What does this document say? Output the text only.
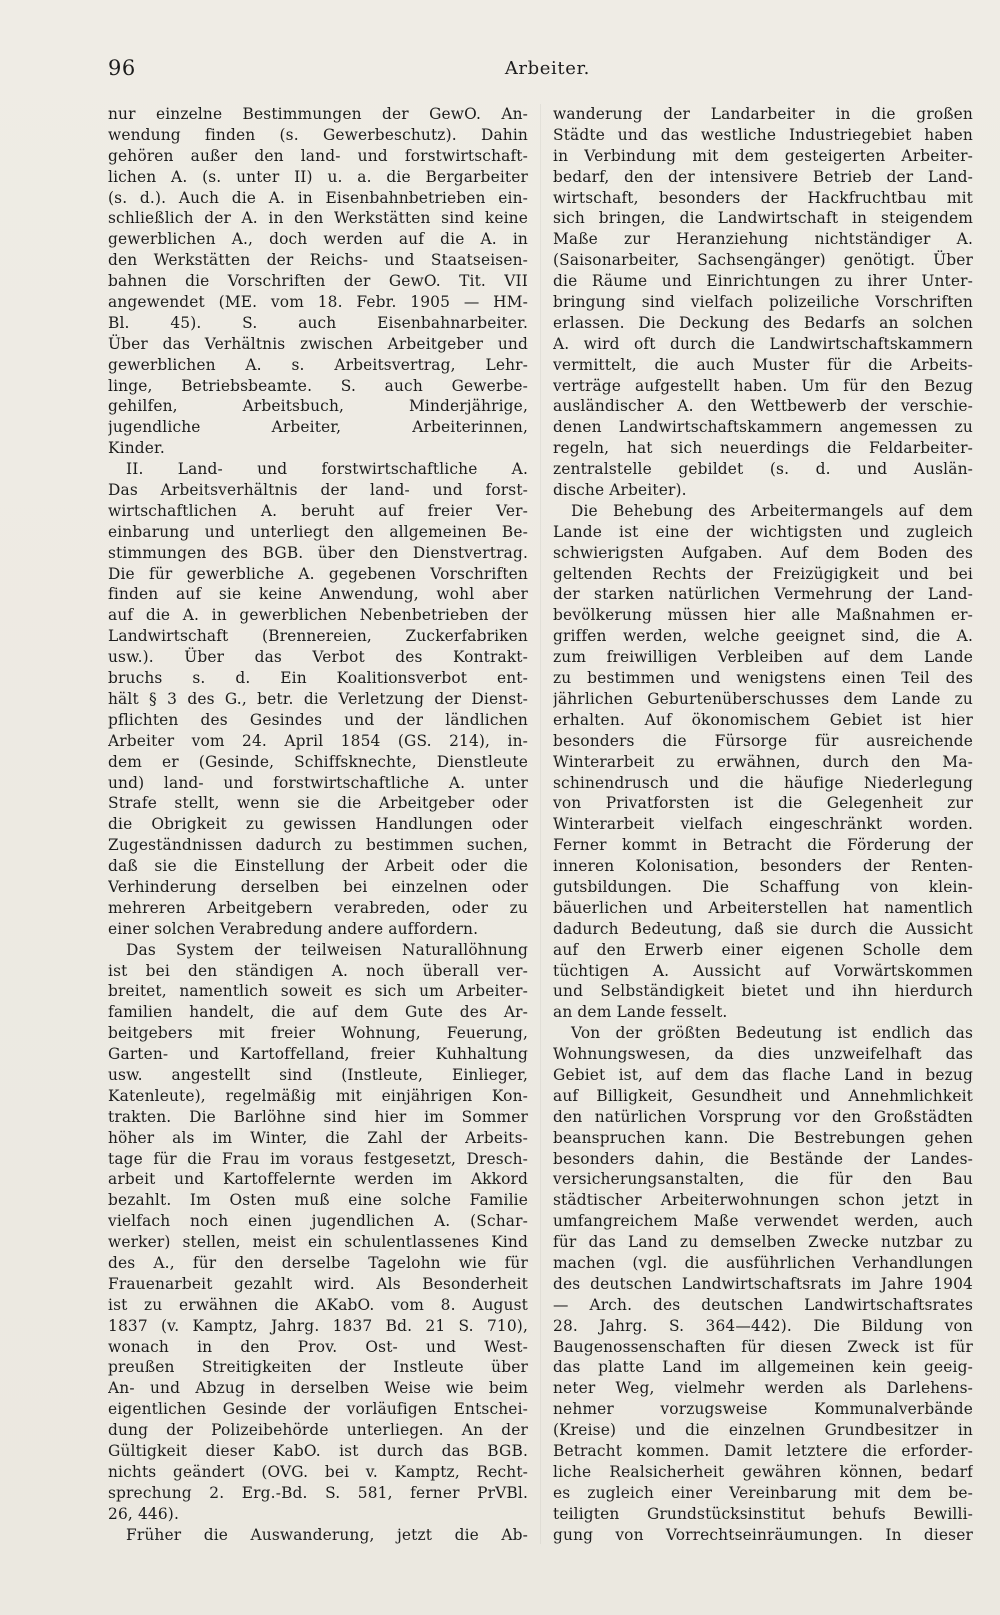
96	Arbeiter.
nur einzelne Bestimmungen der GewO. An-
wendung finden (s. Gewerbeschutz). Dahin
gehören außer den land- und forstwirtschaft-
lichen A. (s. unter II) u. a. die Bergarbeiter
(s. d.). Auch die A. in Eisenbahnbetrieben ein-
schließlich der A. in den Werkstätten sind keine
gewerblichen A., doch werden auf die A. in
den Werkstätten der Reichs- und Staatseisen-
bahnen die Vorschriften der GewO. Tit. VII
angewendet (ME. vom 18. Febr. 1905 — HM-
Bl. 45). S. auch Eisenbahnarbeiter.
Über das Verhältnis zwischen Arbeitgeber und
gewerblichen A. s. Arbeitsvertrag, Lehr-
linge, Betriebsbeamte. S. auch Gewerbe-
gehilfen, Arbeitsbuch, Minderjährige,
jugendliche Arbeiter, Arbeiterinnen,
Kinder.
II. Land- und forstwirtschaftliche A.
Das Arbeitsverhältnis der land- und forst-
wirtschaftlichen A. beruht auf freier Ver-
einbarung und unterliegt den allgemeinen Be-
stimmungen des BGB. über den Dienstvertrag.
Die für gewerbliche A. gegebenen Vorschriften
finden auf sie keine Anwendung, wohl aber
auf die A. in gewerblichen Nebenbetrieben der
Landwirtschaft (Brennereien, Zuckerfabriken
usw.). Über das Verbot des Kontrakt-
bruchs s. d. Ein Koalitionsverbot ent-
hält § 3 des G., betr. die Verletzung der Dienst-
pflichten des Gesindes und der ländlichen
Arbeiter vom 24. April 1854 (GS. 214), in-
dem er (Gesinde, Schiffsknechte, Dienstleute
und) land- und forstwirtschaftliche A. unter
Strafe stellt, wenn sie die Arbeitgeber oder
die Obrigkeit zu gewissen Handlungen oder
Zugeständnissen dadurch zu bestimmen suchen,
daß sie die Einstellung der Arbeit oder die
Verhinderung derselben bei einzelnen oder
mehreren Arbeitgebern verabreden, oder zu
einer solchen Verabredung andere auffordern.
Das System der teilweisen Naturallöhnung
ist bei den ständigen A. noch überall ver-
breitet, namentlich soweit es sich um Arbeiter-
familien handelt, die auf dem Gute des Ar-
beitgebers mit freier Wohnung, Feuerung,
Garten- und Kartoffelland, freier Kuhhaltung
usw. angestellt sind (Instleute, Einlieger,
Katenleute), regelmäßig mit einjährigen Kon-
trakten. Die Barlöhne sind hier im Sommer
höher als im Winter, die Zahl der Arbeits-
tage für die Frau im voraus festgesetzt, Dresch-
arbeit und Kartoffelernte werden im Akkord
bezahlt. Im Osten muß eine solche Familie
vielfach noch einen jugendlichen A. (Schar-
werker) stellen, meist ein schulentlassenes Kind
des A., für den derselbe Tagelohn wie für
Frauenarbeit gezahlt wird. Als Besonderheit
ist zu erwähnen die AKabO. vom 8. August
1837 (v. Kamptz, Jahrg. 1837 Bd. 21 S. 710),
wonach in den Prov. Ost- und West-
preußen Streitigkeiten der Instleute über
An- und Abzug in derselben Weise wie beim
eigentlichen Gesinde der vorläufigen Entschei-
dung der Polizeibehörde unterliegen. An der
Gültigkeit dieser KabO. ist durch das BGB.
nichts geändert (OVG. bei v. Kamptz, Recht-
sprechung 2. Erg.-Bd. S. 581, ferner PrVBl.
26, 446).
Früher die Auswanderung, jetzt die Ab-
wanderung der Landarbeiter in die großen
Städte und das westliche Industriegebiet haben
in Verbindung mit dem gesteigerten Arbeiter-
bedarf, den der intensivere Betrieb der Land-
wirtschaft, besonders der Hackfruchtbau mit
sich bringen, die Landwirtschaft in steigendem
Maße zur Heranziehung nichtständiger A.
(Saisonarbeiter, Sachsengänger) genötigt. Über
die Räume und Einrichtungen zu ihrer Unter-
bringung sind vielfach polizeiliche Vorschriften
erlassen. Die Deckung des Bedarfs an solchen
A. wird oft durch die Landwirtschaftskammern
vermittelt, die auch Muster für die Arbeits-
verträge aufgestellt haben. Um für den Bezug
ausländischer A. den Wettbewerb der verschie-
denen Landwirtschaftskammern angemessen zu
regeln, hat sich neuerdings die Feldarbeiter-
zentralstelle gebildet (s. d. und Auslän-
dische Arbeiter).
Die Behebung des Arbeitermangels auf dem
Lande ist eine der wichtigsten und zugleich
schwierigsten Aufgaben. Auf dem Boden des
geltenden Rechts der Freizügigkeit und bei
der starken natürlichen Vermehrung der Land-
bevölkerung müssen hier alle Maßnahmen er-
griffen werden, welche geeignet sind, die A.
zum freiwilligen Verbleiben auf dem Lande
zu bestimmen und wenigstens einen Teil des
jährlichen Geburtenüberschusses dem Lande zu
erhalten. Auf ökonomischem Gebiet ist hier
besonders die Fürsorge für ausreichende
Winterarbeit zu erwähnen, durch den Ma-
schinendrusch und die häufige Niederlegung
von Privatforsten ist die Gelegenheit zur
Winterarbeit vielfach eingeschränkt worden.
Ferner kommt in Betracht die Förderung der
inneren Kolonisation, besonders der Renten-
gutsbildungen. Die Schaffung von klein-
bäuerlichen und Arbeiterstellen hat namentlich
dadurch Bedeutung, daß sie durch die Aussicht
auf den Erwerb einer eigenen Scholle dem
tüchtigen A. Aussicht auf Vorwärtskommen
und Selbständigkeit bietet und ihn hierdurch
an dem Lande fesselt.
Von der größten Bedeutung ist endlich das
Wohnungswesen, da dies unzweifelhaft das
Gebiet ist, auf dem das flache Land in bezug
auf Billigkeit, Gesundheit und Annehmlichkeit
den natürlichen Vorsprung vor den Großstädten
beanspruchen kann. Die Bestrebungen gehen
besonders dahin, die Bestände der Landes-
versicherungsanstalten, die für den Bau
städtischer Arbeiterwohnungen schon jetzt in
umfangreichem Maße verwendet werden, auch
für das Land zu demselben Zwecke nutzbar zu
machen (vgl. die ausführlichen Verhandlungen
des deutschen Landwirtschaftsrats im Jahre 1904
— Arch. des deutschen Landwirtschaftsrates
28. Jahrg. S. 364—442). Die Bildung von
Baugenossenschaften für diesen Zweck ist für
das platte Land im allgemeinen kein geeig-
neter Weg, vielmehr werden als Darlehens-
nehmer vorzugsweise Kommunalverbände
(Kreise) und die einzelnen Grundbesitzer in
Betracht kommen. Damit letztere die erforder-
liche Realsicherheit gewähren können, bedarf
es zugleich einer Vereinbarung mit dem be-
teiligten Grundstücksinstitut behufs Bewilli-
gung von Vorrechtseinräumungen. In dieser
